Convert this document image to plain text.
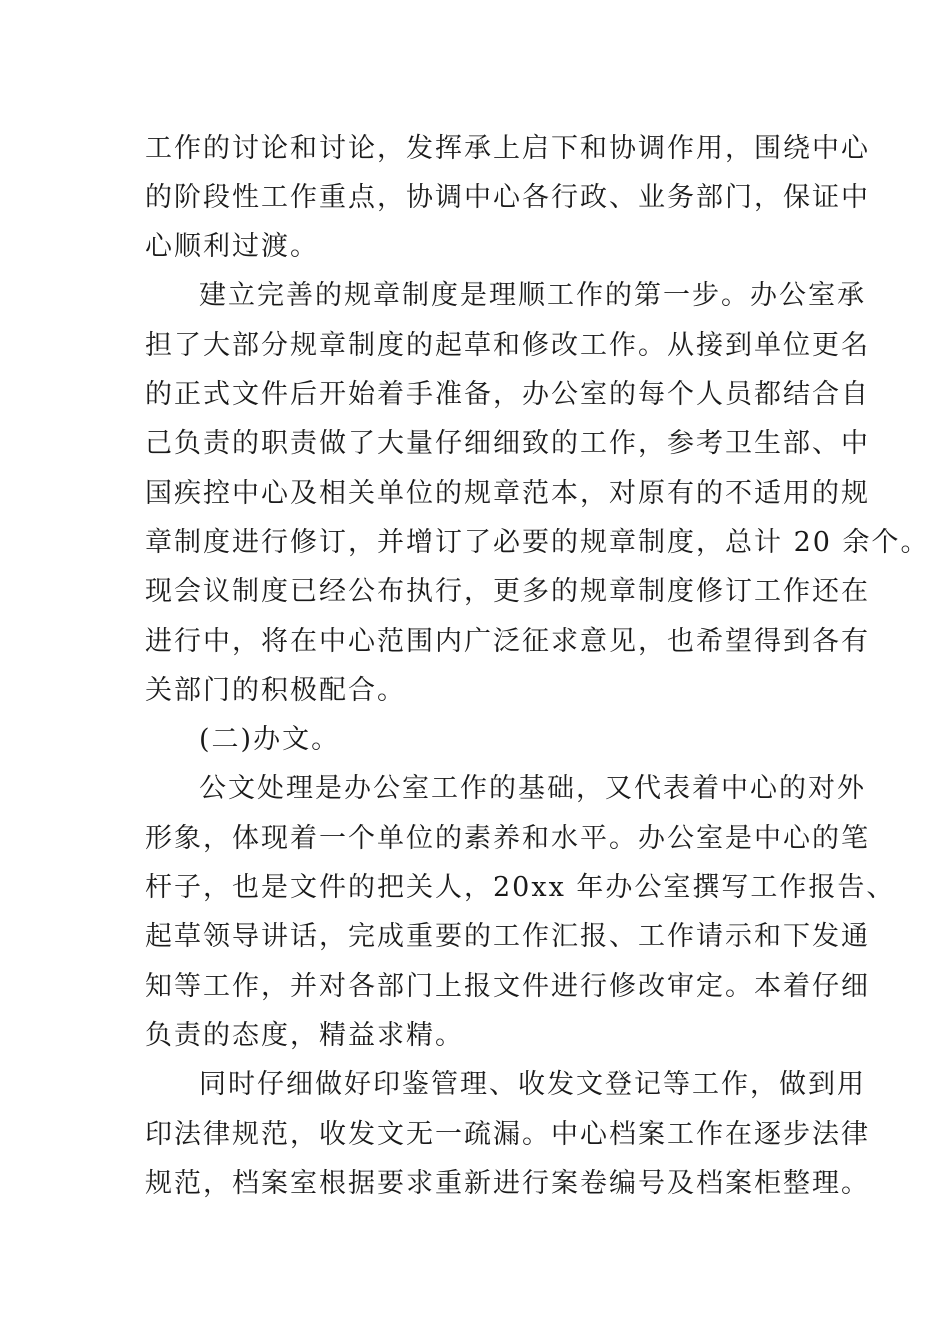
工作的讨论和讨论，发挥承上启下和协调作用，围绕中心

的阶段性工作重点，协调中心各行政、业务部门，保证中

心顺利过渡。

建立完善的规章制度是理顺工作的第一步。办公室承

担了大部分规章制度的起草和修改工作。从接到单位更名

的正式文件后开始着手准备，办公室的每个人员都结合自

己负责的职责做了大量仔细细致的工作，参考卫生部、中

国疾控中心及相关单位的规章范本，对原有的不适用的规

章制度进行修订，并增订了必要的规章制度，总计 20 余个。

现会议制度已经公布执行，更多的规章制度修订工作还在

进行中，将在中心范围内广泛征求意见，也希望得到各有

关部门的积极配合。

(二)办文。

公文处理是办公室工作的基础，又代表着中心的对外

形象，体现着一个单位的素养和水平。办公室是中心的笔

杆子，也是文件的把关人，20xx 年办公室撰写工作报告、

起草领导讲话，完成重要的工作汇报、工作请示和下发通

知等工作，并对各部门上报文件进行修改审定。本着仔细

负责的态度，精益求精。

同时仔细做好印鉴管理、收发文登记等工作，做到用

印法律规范，收发文无一疏漏。中心档案工作在逐步法律

规范，档案室根据要求重新进行案卷编号及档案柜整理。
